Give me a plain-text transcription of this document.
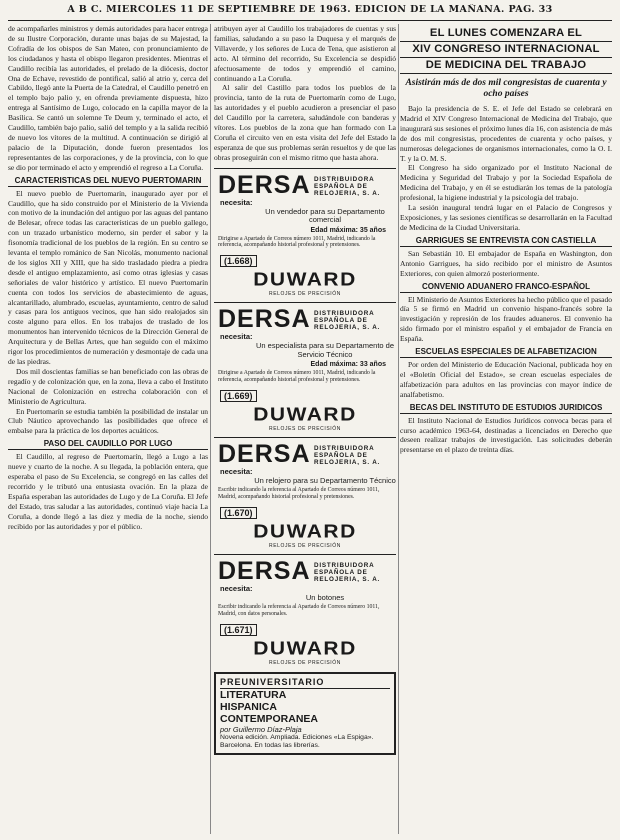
A B C. MIERCOLES 11 DE SEPTIEMBRE DE 1963. EDICION DE LA MAÑANA. PAG. 33

de acompañarles ministros y demás autoridades para hacer entrega de su Ilustre Corporación, durante unas bajas de su Majestad, la Cofradía de los obispos de San Mateo, con pronunciamiento de los ciudadanos y hasta el obispo llegaron presidentes. Mientras el Caudillo recibía las autoridades, el prelado de la diócesis, doctor Ona de Echave, revestido de pontifical, salió al atrio y, cerca del Cabildo, llegó ante la Puerta de la Catedral, el Caudillo penetró en el templo bajo palio y, en ofrenda previamente dispuesta, hizo entrega al Santísimo de Lugo, colocado en la capilla mayor de la Basílica. Se cantó un solemne Te Deum y, terminado el acto, el Caudillo, también bajo palio, salió del templo y a la salida recibió de nuevo los vítores de la multitud. A continuación se dirigió al palacio de la Diputación, donde fueron presentados los representantes de las corporaciones, y de la provincia, con lo que se dio por terminado el acto y emprendió el regreso a La Coruña.

CARACTERISTICAS DEL NUEVO PUERTOMARIN

El nuevo pueblo de Puertomarín, inaugurado ayer por el Caudillo, que ha sido construido por el Ministerio de la Vivienda con motivo de la inundación del antiguo por las aguas del pantano de Belesar, ofrece todas las características de un pueblo gallego, con un trazado urbanístico moderno, sin perder el sabor y la fisonomía tradicional de los pueblos de la región. En su centro se levanta el templo románico de San Nicolás, monumento nacional de los siglos XII y XIII, que ha sido trasladado piedra a piedra desde el antiguo emplazamiento, así como otras iglesias y casas señoriales de valor histórico y artístico. El nuevo Puertomarín cuenta con todos los servicios de abastecimiento de aguas, alcantarillado, alumbrado, escuelas, ayuntamiento, centro de salud y casas para los antiguos vecinos, que han sido realojados sin coste alguno para ellos. En los trabajos de traslado de los monumentos han intervenido técnicos de la Dirección General de Arquitectura y de Bellas Artes, que han seguido con el máximo rigor los procedimientos de numeración y desmontaje de cada una de las piedras.

Dos mil doscientas familias se han beneficiado con las obras de regadío y de colonización que, en la zona, lleva a cabo el Instituto Nacional de Colonización en estrecha colaboración con el Ministerio de Agricultura.

En Puertomarín se estudia también la posibilidad de instalar un Club Náutico aprovechando las posibilidades que ofrece el embalse para la práctica de los deportes acuáticos.

PASO DEL CAUDILLO POR LUGO

El Caudillo, al regreso de Puertomarín, llegó a Lugo a las nueve y cuarto de la noche. A su llegada, la población entera, que esperaba el paso de Su Excelencia, se congregó en las calles del recorrido y le tributó una entusiasta ovación. En la plaza de España esperaban las autoridades de Lugo y de La Coruña. El Jefe del Estado, tras saludar a las autoridades, continuó viaje hacia La Coruña, a donde llegó a las diez y media de la noche, siendo recibido por las autoridades y por el público.

atribuyen ayer al Caudillo los trabajadores de cuentas y sus familias, saludando a su paso la Duquesa y el marqués de Villaverde, y los señores de Luca de Tena, que asistieron al acto. Al término del recorrido, Su Excelencia se despidió afectuosamente de todos y emprendió el camino, continuando a La Coruña.

Al salir del Castillo para todos los pueblos de la provincia, tanto de la ruta de Puertomarín como de Lugo, las autoridades y el pueblo acudieron a presenciar el paso del Caudillo por la carretera, saludándole con banderas y vítores. Los pueblos de la zona que han formado con La Coruña el circuito ven en esta visita del Jefe del Estado la esperanza de que sus problemas serán resueltos y de que las obras proseguirán con el mismo ritmo que hasta ahora.

DERSA DISTRIBUIDORA ESPAÑOLA DE RELOJERIA, S. A.
necesita:
Un vendedor para su Departamento comercial
Edad máxima: 35 años
Dirigirse a Apartado de Correos número 1011, Madrid, indicando la referencia, acompañando historial profesional y pretensiones.
(1.668)
DUWARD
RELOJES DE PRECISIÓN
DERSA DISTRIBUIDORA ESPAÑOLA DE RELOJERIA, S. A.
necesita:
Un especialista para su Departamento de Servicio Técnico
Edad máxima: 33 años
Dirigirse a Apartado de Correos número 1011, Madrid, indicando la referencia, acompañando historial profesional y pretensiones.
(1.669)
DUWARD
RELOJES DE PRECISIÓN
DERSA DISTRIBUIDORA ESPAÑOLA DE RELOJERIA, S. A.
necesita:
Un relojero para su Departamento Técnico
Escribir indicando la referencia al Apartado de Correos número 1011, Madrid, acompañando historial profesional y pretensiones.
(1.670)
DUWARD
RELOJES DE PRECISIÓN
DERSA DISTRIBUIDORA ESPAÑOLA DE RELOJERIA, S. A.
necesita:
Un botones
Escribir indicando la referencia al Apartado de Correos número 1011, Madrid, con datos personales.
(1.671)
DUWARD
RELOJES DE PRECISIÓN
PREUNIVERSITARIO
LITERATURA
HISPANICA
CONTEMPORANEA
por Guillermo Díaz-Plaja
Novena edición. Ampliada. Ediciones «La Espiga». Barcelona. En todas las librerías.
EL LUNES COMENZARA EL
XIV CONGRESO INTERNACIONAL
DE MEDICINA DEL TRABAJO
Asistirán más de dos mil congresistas de cuarenta y ocho países

Bajo la presidencia de S. E. el Jefe del Estado se celebrará en Madrid el XIV Congreso Internacional de Medicina del Trabajo, que inaugurará sus sesiones el próximo lunes día 16, con asistencia de más de dos mil congresistas, procedentes de cuarenta y ocho países, y numerosas delegaciones de organismos internacionales, como la O. I. T. y la O. M. S.

El Congreso ha sido organizado por el Instituto Nacional de Medicina y Seguridad del Trabajo y por la Sociedad Española de Medicina del Trabajo, y en él se estudiarán los temas de la patología profesional, la higiene industrial y la psicología del trabajo.

La sesión inaugural tendrá lugar en el Palacio de Congresos y Exposiciones, y las sesiones científicas se desarrollarán en la Facultad de Medicina de la Ciudad Universitaria.

GARRIGUES SE ENTREVISTA CON CASTIELLA

San Sebastián 10. El embajador de España en Washington, don Antonio Garrigues, ha sido recibido por el ministro de Asuntos Exteriores, con quien almorzó posteriormente.

CONVENIO ADUANERO FRANCO-ESPAÑOL

El Ministerio de Asuntos Exteriores ha hecho público que el pasado día 5 se firmó en Madrid un convenio hispano-francés sobre la investigación y represión de los fraudes aduaneros. El convenio ha sido firmado por el ministro español y el embajador de Francia en España.

ESCUELAS ESPECIALES DE ALFABETIZACION

Por orden del Ministerio de Educación Nacional, publicada hoy en el «Boletín Oficial del Estado», se crean escuelas especiales de alfabetización para adultos en las provincias con mayor índice de analfabetismo.

BECAS DEL INSTITUTO DE ESTUDIOS JURIDICOS

El Instituto Nacional de Estudios Jurídicos convoca becas para el curso académico 1963-64, destinadas a licenciados en Derecho que deseen realizar trabajos de investigación. Las solicitudes deberán presentarse en el plazo de treinta días.
